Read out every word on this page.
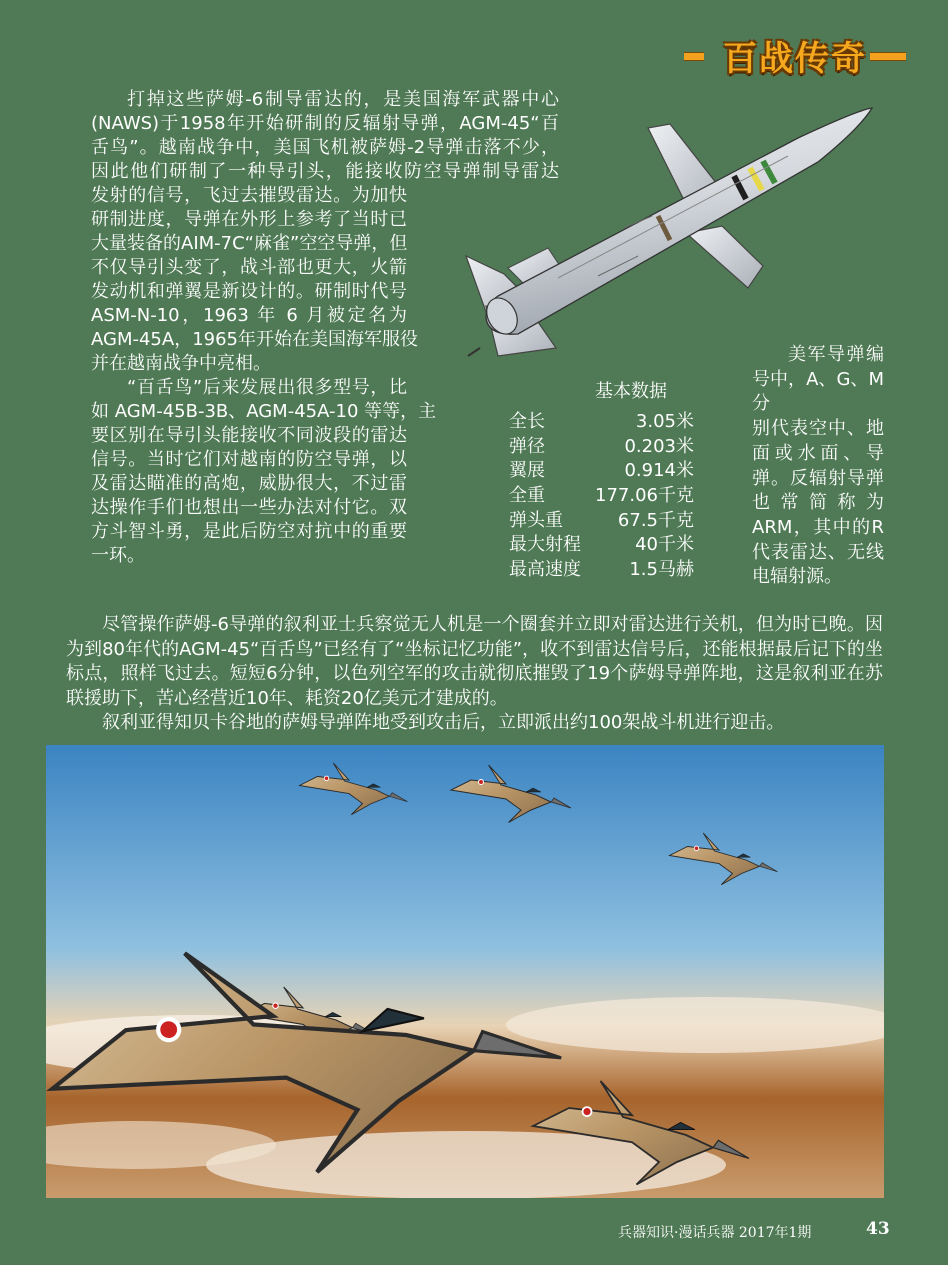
百战传奇
打掉这些萨姆-6制导雷达的，是美国海军武器中心
(NAWS)于1958年开始研制的反辐射导弹，AGM-45“百
舌鸟”。越南战争中，美国飞机被萨姆-2导弹击落不少，
因此他们研制了一种导引头，能接收防空导弹制导雷达
发射的信号，飞过去摧毁雷达。为加快
研制进度，导弹在外形上参考了当时已
大量装备的AIM-7C“麻雀”空空导弹，但
不仅导引头变了，战斗部也更大，火箭
发动机和弹翼是新设计的。研制时代号
ASM-N-10，1963 年 6 月被定名为
AGM-45A，1965年开始在美国海军服役
并在越南战争中亮相。
“百舌鸟”后来发展出很多型号，比
如 AGM-45B-3B、AGM-45A-10 等等，主
要区别在导引头能接收不同波段的雷达
信号。当时它们对越南的防空导弹，以
及雷达瞄准的高炮，威胁很大，不过雷
达操作手们也想出一些办法对付它。双
方斗智斗勇，是此后防空对抗中的重要
一环。
美军导弹编
号中，A、G、M分
别代表空中、地
面或水面、导
弹。反辐射导弹
也常简称为
ARM，其中的R
代表雷达、无线
电辐射源。
基本数据
全长	3.05米
弹径	0.203米
翼展	0.914米
全重	177.06千克
弹头重	67.5千克
最大射程	40千米
最高速度	1.5马赫

尽管操作萨姆-6导弹的叙利亚士兵察觉无人机是一个圈套并立即对雷达进行关机，但为时已晚。因为到80年代的AGM-45“百舌鸟”已经有了“坐标记忆功能”，收不到雷达信号后，还能根据最后记下的坐标点，照样飞过去。短短6分钟，以色列空军的攻击就彻底摧毁了19个萨姆导弹阵地，这是叙利亚在苏联援助下，苦心经营近10年、耗资20亿美元才建成的。

叙利亚得知贝卡谷地的萨姆导弹阵地受到攻击后，立即派出约100架战斗机进行迎击。

兵器知识·漫话兵器 2017年1期	43
